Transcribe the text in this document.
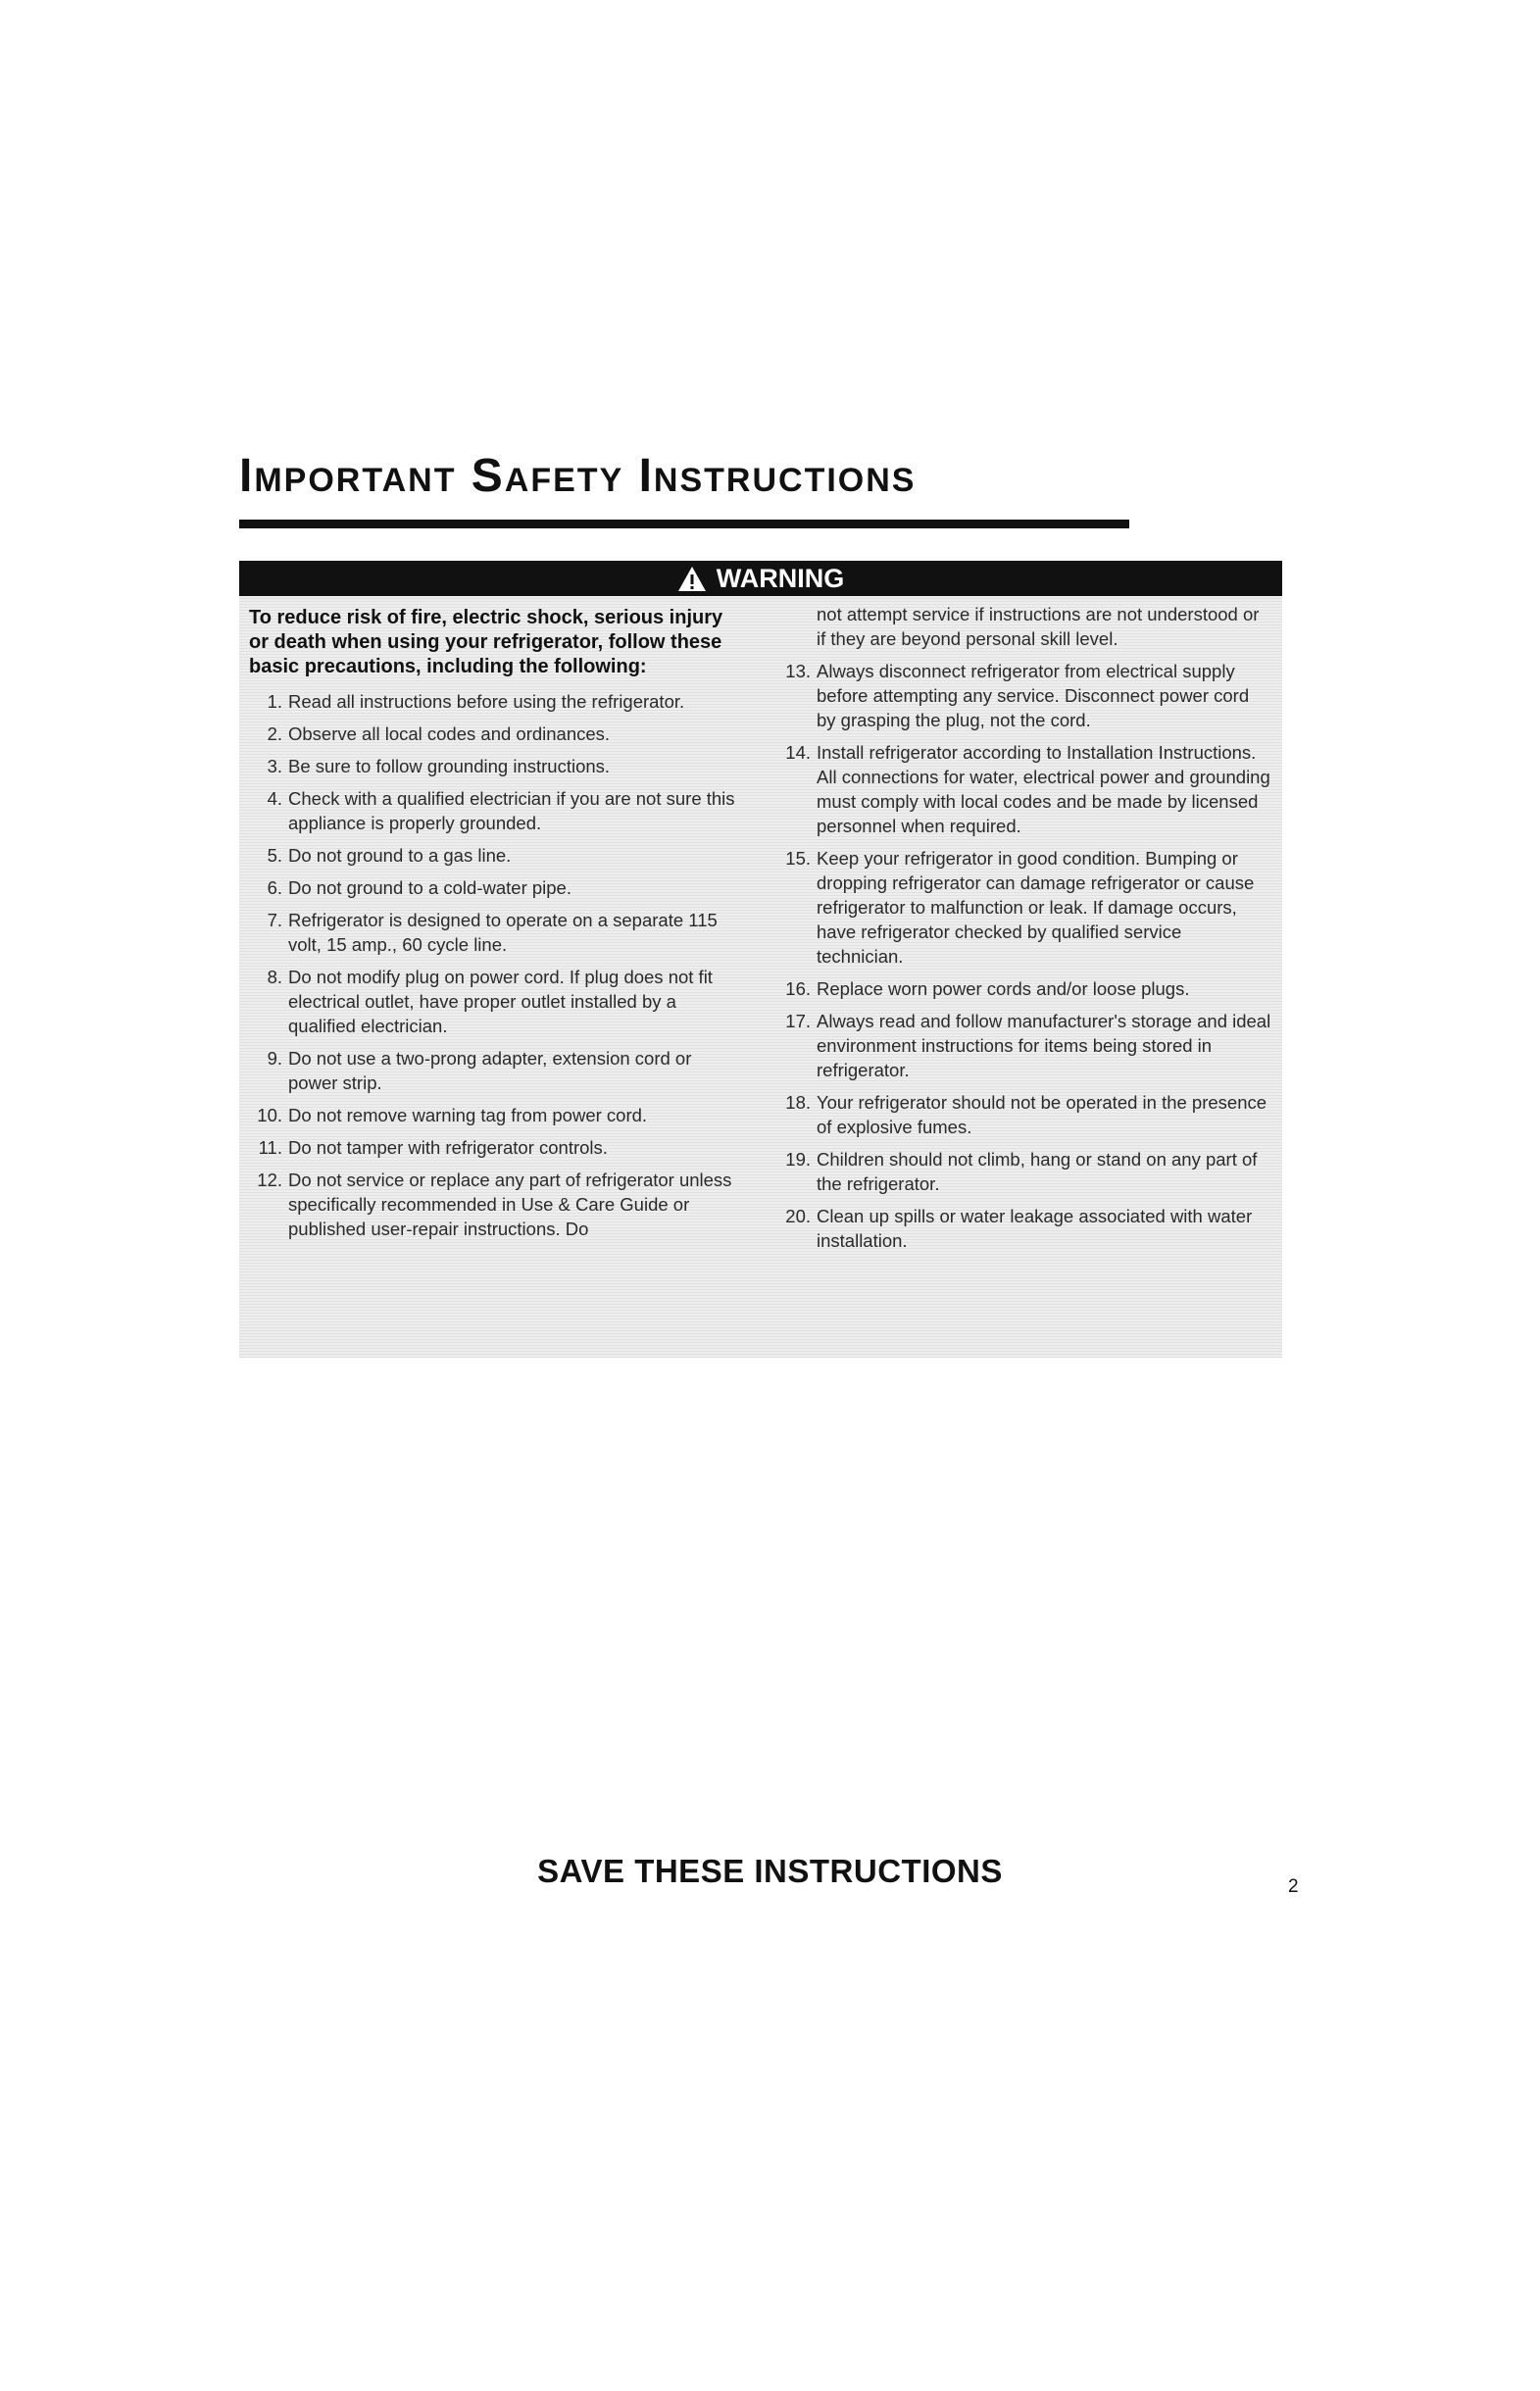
Important Safety Instructions
WARNING

To reduce risk of fire, electric shock, serious injury or death when using your refrigerator, follow these basic precautions, including the following:

1. Read all instructions before using the refrigerator.
2. Observe all local codes and ordinances.
3. Be sure to follow grounding instructions.
4. Check with a qualified electrician if you are not sure this appliance is properly grounded.
5. Do not ground to a gas line.
6. Do not ground to a cold-water pipe.
7. Refrigerator is designed to operate on a separate 115 volt, 15 amp., 60 cycle line.
8. Do not modify plug on power cord. If plug does not fit electrical outlet, have proper outlet installed by a qualified electrician.
9. Do not use a two-prong adapter, extension cord or power strip.
10. Do not remove warning tag from power cord.
11. Do not tamper with refrigerator controls.
12. Do not service or replace any part of refrigerator unless specifically recommended in Use & Care Guide or published user-repair instructions. Do

not attempt service if instructions are not understood or if they are beyond personal skill level.

13. Always disconnect refrigerator from electrical supply before attempting any service. Disconnect power cord by grasping the plug, not the cord.
14. Install refrigerator according to Installation Instructions. All connections for water, electrical power and grounding must comply with local codes and be made by licensed personnel when required.
15. Keep your refrigerator in good condition. Bumping or dropping refrigerator can damage refrigerator or cause refrigerator to malfunction or leak. If damage occurs, have refrigerator checked by qualified service technician.
16. Replace worn power cords and/or loose plugs.
17. Always read and follow manufacturer's storage and ideal environment instructions for items being stored in refrigerator.
18. Your refrigerator should not be operated in the presence of explosive fumes.
19. Children should not climb, hang or stand on any part of the refrigerator.
20. Clean up spills or water leakage associated with water installation.
SAVE THESE INSTRUCTIONS	2
